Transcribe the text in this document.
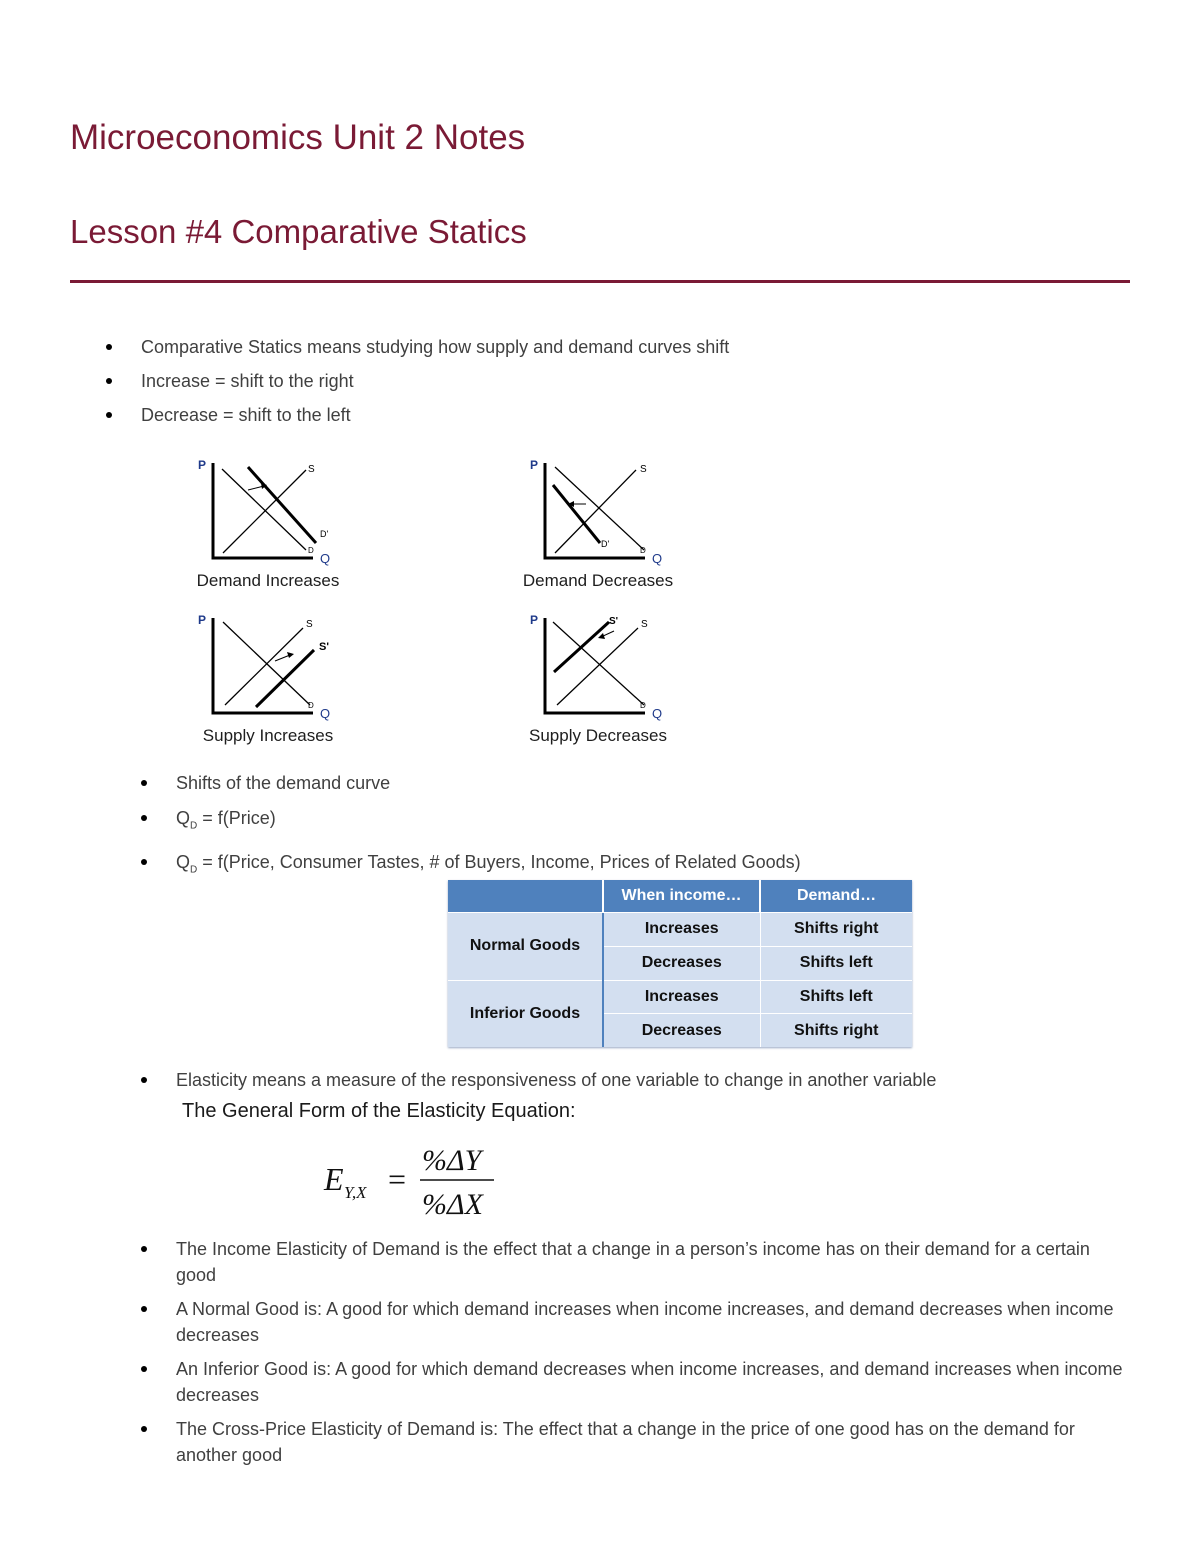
Microeconomics Unit 2 Notes
Lesson #4 Comparative Statics
Comparative Statics means studying how supply and demand curves shift
Increase = shift to the right
Decrease = shift to the left
P
Q
S
D
D'
Demand Increases
P
Q
S
D
D'
Demand Decreases
P
Q
S
S'
D
Supply Increases
P
Q
S
S'
D
Supply Decreases
Shifts of the demand curve
$Q_D$ = f(Price)
$Q_D$ = f(Price, Consumer Tastes, # of Buyers, Income, Prices of Related Goods)
	When income…	Demand…
Normal Goods	Increases	Shifts right
	Decreases	Shifts left
Inferior Goods	Increases	Shifts left
	Decreases	Shifts right
Elasticity means a measure of the responsiveness of one variable to change in another variable
The General Form of the Elasticity Equation:
E Y,X =
%ΔY
%ΔX
The Income Elasticity of Demand is the effect that a change in a person’s income has on their demand for a certain good
A Normal Good is: A good for which demand increases when income increases, and demand decreases when income decreases
An Inferior Good is: A good for which demand decreases when income increases, and demand increases when income decreases
The Cross-Price Elasticity of Demand is: The effect that a change in the price of one good has on the demand for another good
